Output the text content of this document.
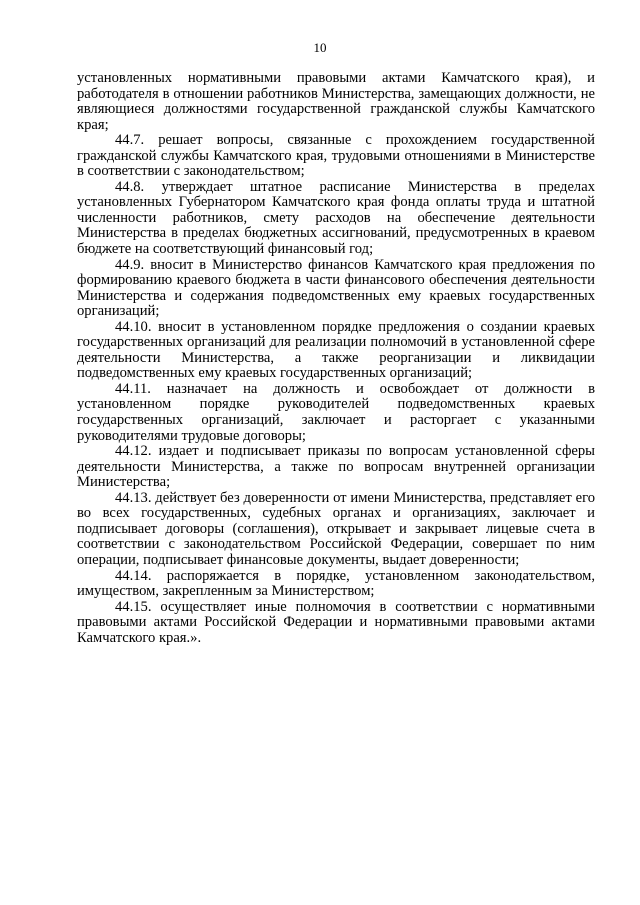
10

установленных нормативными правовыми актами Камчатского края), и работодателя в отношении работников Министерства, замещающих должности, не являющиеся должностями государственной гражданской службы Камчатского края;

44.7. решает вопросы, связанные с прохождением государственной гражданской службы Камчатского края, трудовыми отношениями в Министерстве в соответствии с законодательством;

44.8. утверждает штатное расписание Министерства в пределах установленных Губернатором Камчатского края фонда оплаты труда и штатной численности работников, смету расходов на обеспечение деятельности Министерства в пределах бюджетных ассигнований, предусмотренных в краевом бюджете на соответствующий финансовый год;

44.9. вносит в Министерство финансов Камчатского края предложения по формированию краевого бюджета в части финансового обеспечения деятельности Министерства и содержания подведомственных ему краевых государственных организаций;

44.10. вносит в установленном порядке предложения о создании краевых государственных организаций для реализации полномочий в установленной сфере деятельности Министерства, а также реорганизации и ликвидации подведомственных ему краевых государственных организаций;

44.11. назначает на должность и освобождает от должности в установленном порядке руководителей подведомственных краевых государственных организаций, заключает и расторгает с указанными руководителями трудовые договоры;

44.12. издает и подписывает приказы по вопросам установленной сферы деятельности Министерства, а также по вопросам внутренней организации Министерства;

44.13. действует без доверенности от имени Министерства, представляет его во всех государственных, судебных органах и организациях, заключает и подписывает договоры (соглашения), открывает и закрывает лицевые счета в соответствии с законодательством Российской Федерации, совершает по ним операции, подписывает финансовые документы, выдает доверенности;

44.14. распоряжается в порядке, установленном законодательством, имуществом, закрепленным за Министерством;

44.15. осуществляет иные полномочия в соответствии с нормативными правовыми актами Российской Федерации и нормативными правовыми актами Камчатского края.».
